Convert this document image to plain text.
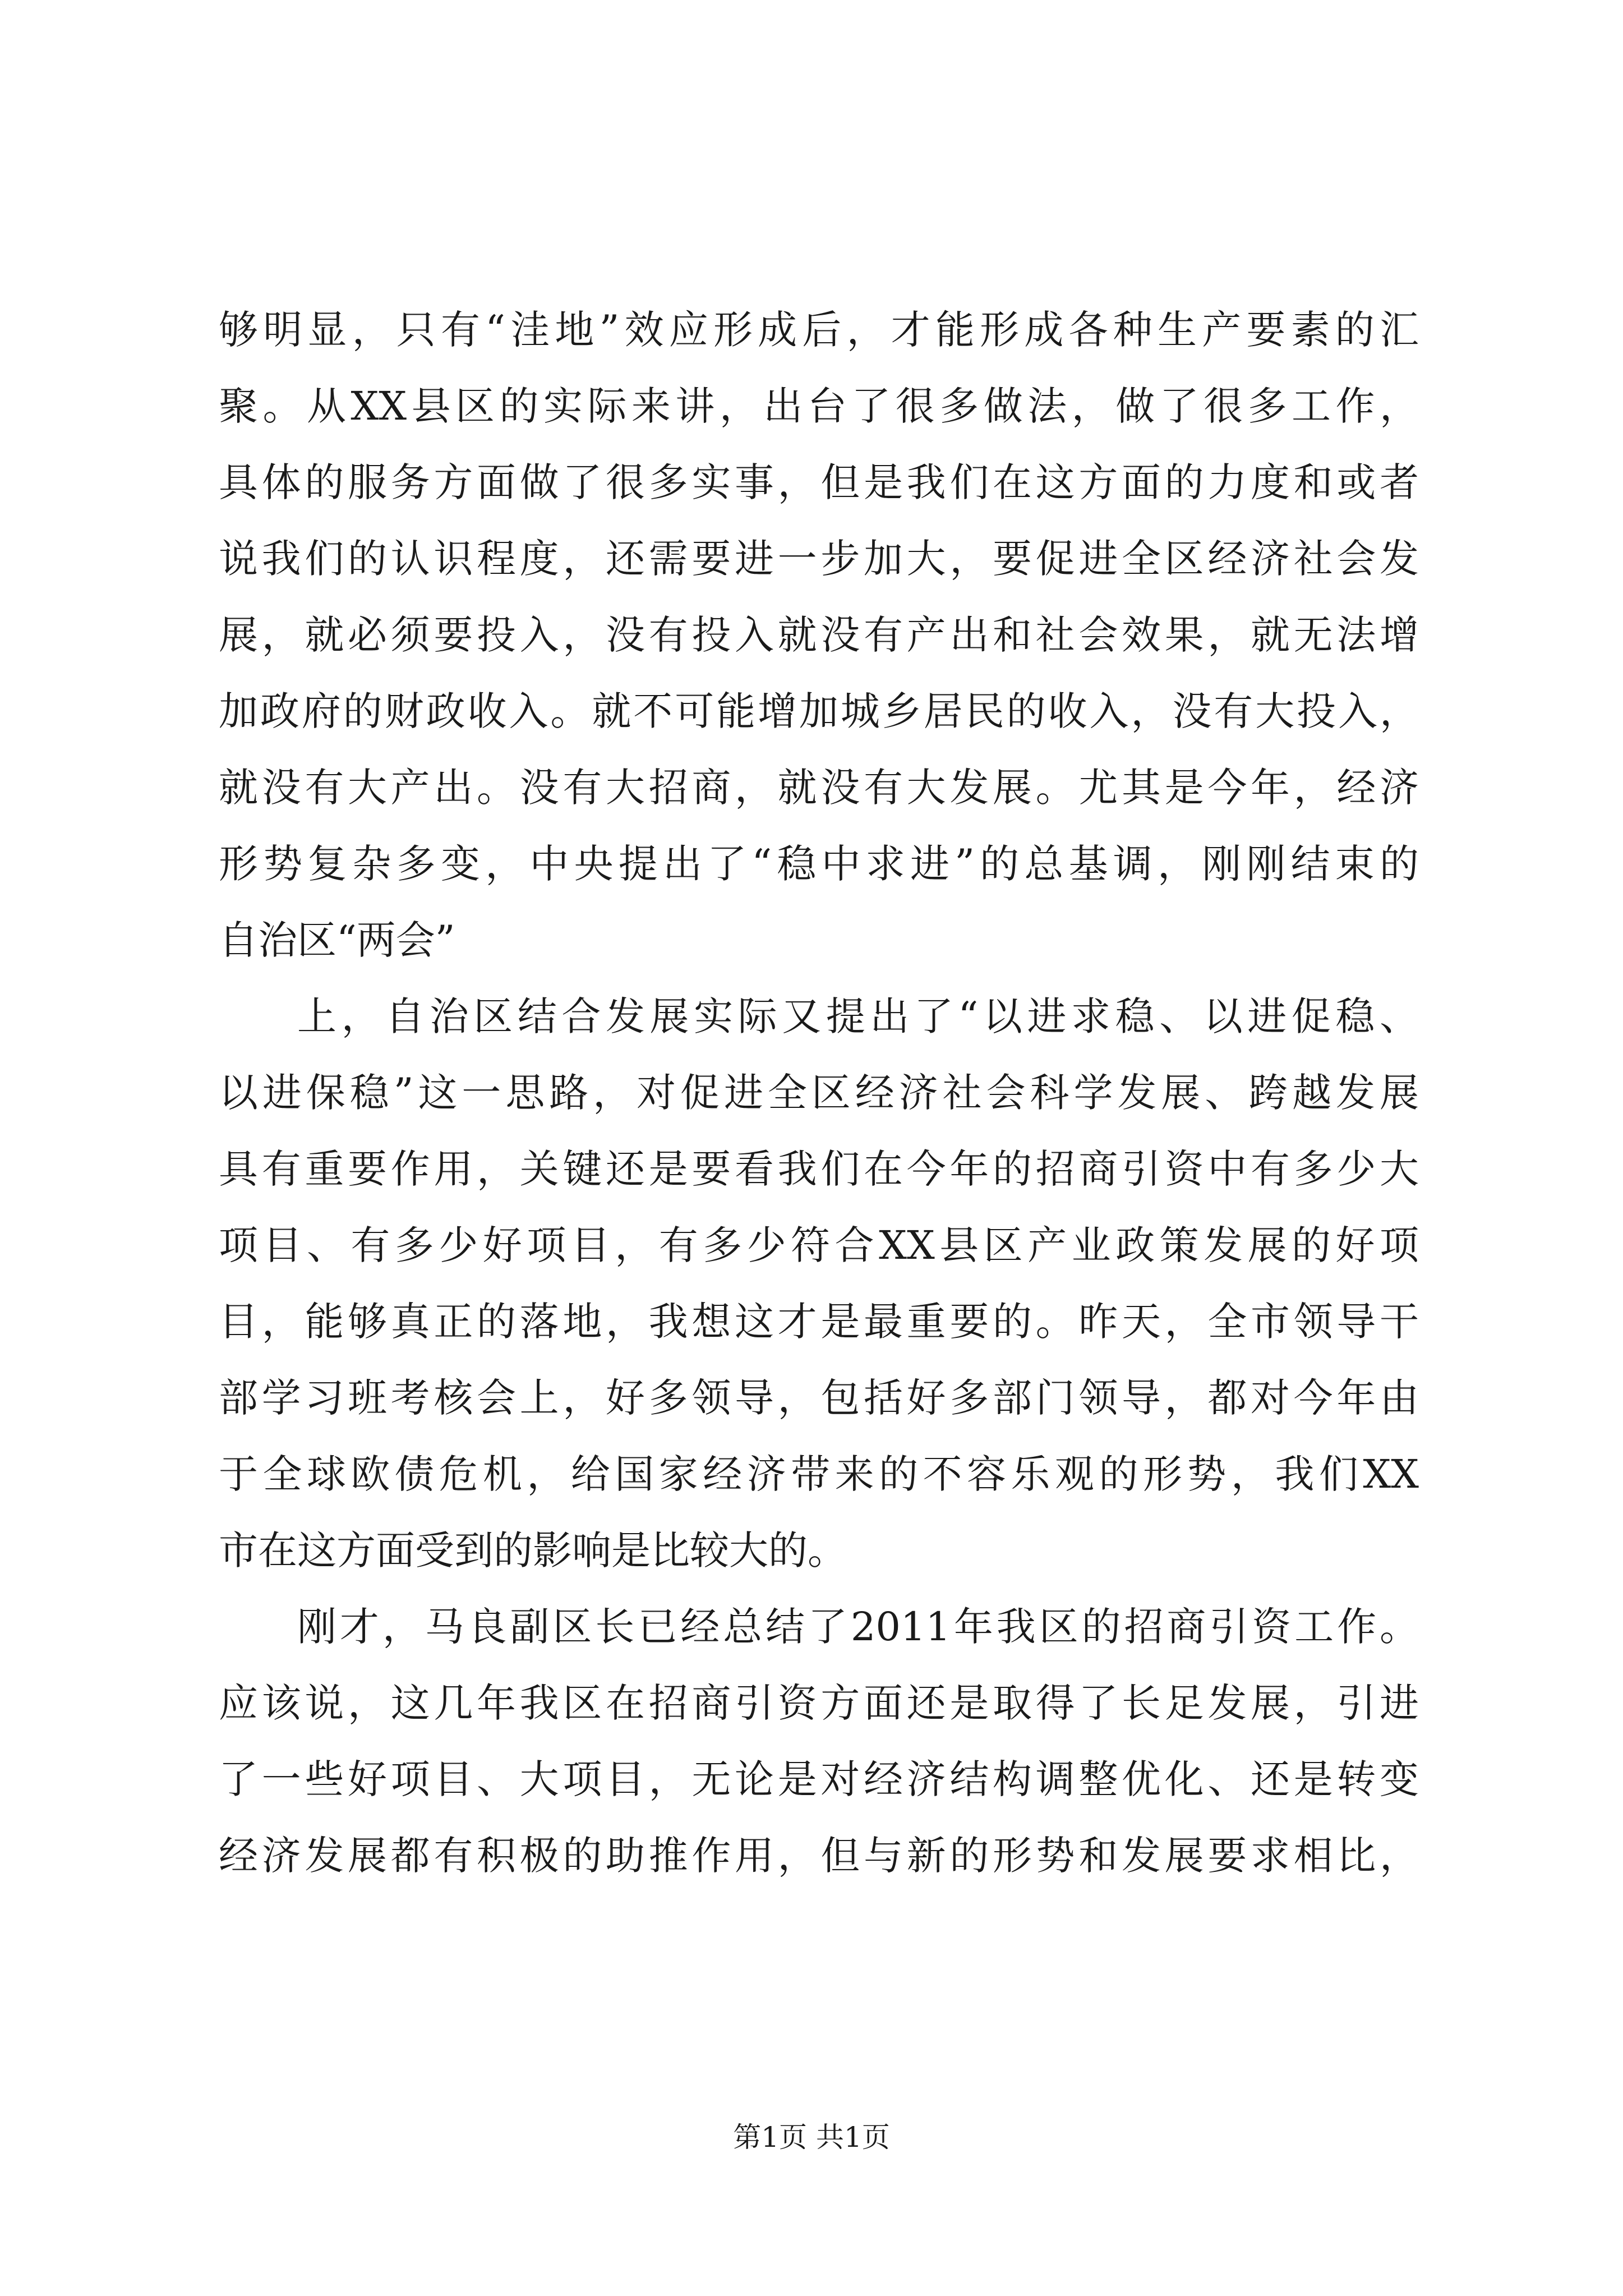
够明显，只有“洼地”效应形成后，才能形成各种生产要素的汇
聚。从XX县区的实际来讲，出台了很多做法，做了很多工作，
具体的服务方面做了很多实事，但是我们在这方面的力度和或者
说我们的认识程度，还需要进一步加大，要促进全区经济社会发
展，就必须要投入，没有投入就没有产出和社会效果，就无法增
加政府的财政收入。就不可能增加城乡居民的收入，没有大投入，
就没有大产出。没有大招商，就没有大发展。尤其是今年，经济
形势复杂多变，中央提出了“稳中求进”的总基调，刚刚结束的
自治区“两会”
上，自治区结合发展实际又提出了“以进求稳、以进促稳、
以进保稳”这一思路，对促进全区经济社会科学发展、跨越发展
具有重要作用，关键还是要看我们在今年的招商引资中有多少大
项目、有多少好项目，有多少符合XX县区产业政策发展的好项
目，能够真正的落地，我想这才是最重要的。昨天，全市领导干
部学习班考核会上，好多领导，包括好多部门领导，都对今年由
于全球欧债危机，给国家经济带来的不容乐观的形势，我们XX
市在这方面受到的影响是比较大的。
刚才，马良副区长已经总结了2011年我区的招商引资工作。
应该说，这几年我区在招商引资方面还是取得了长足发展，引进
了一些好项目、大项目，无论是对经济结构调整优化、还是转变
经济发展都有积极的助推作用，但与新的形势和发展要求相比，
第1页 共1页
